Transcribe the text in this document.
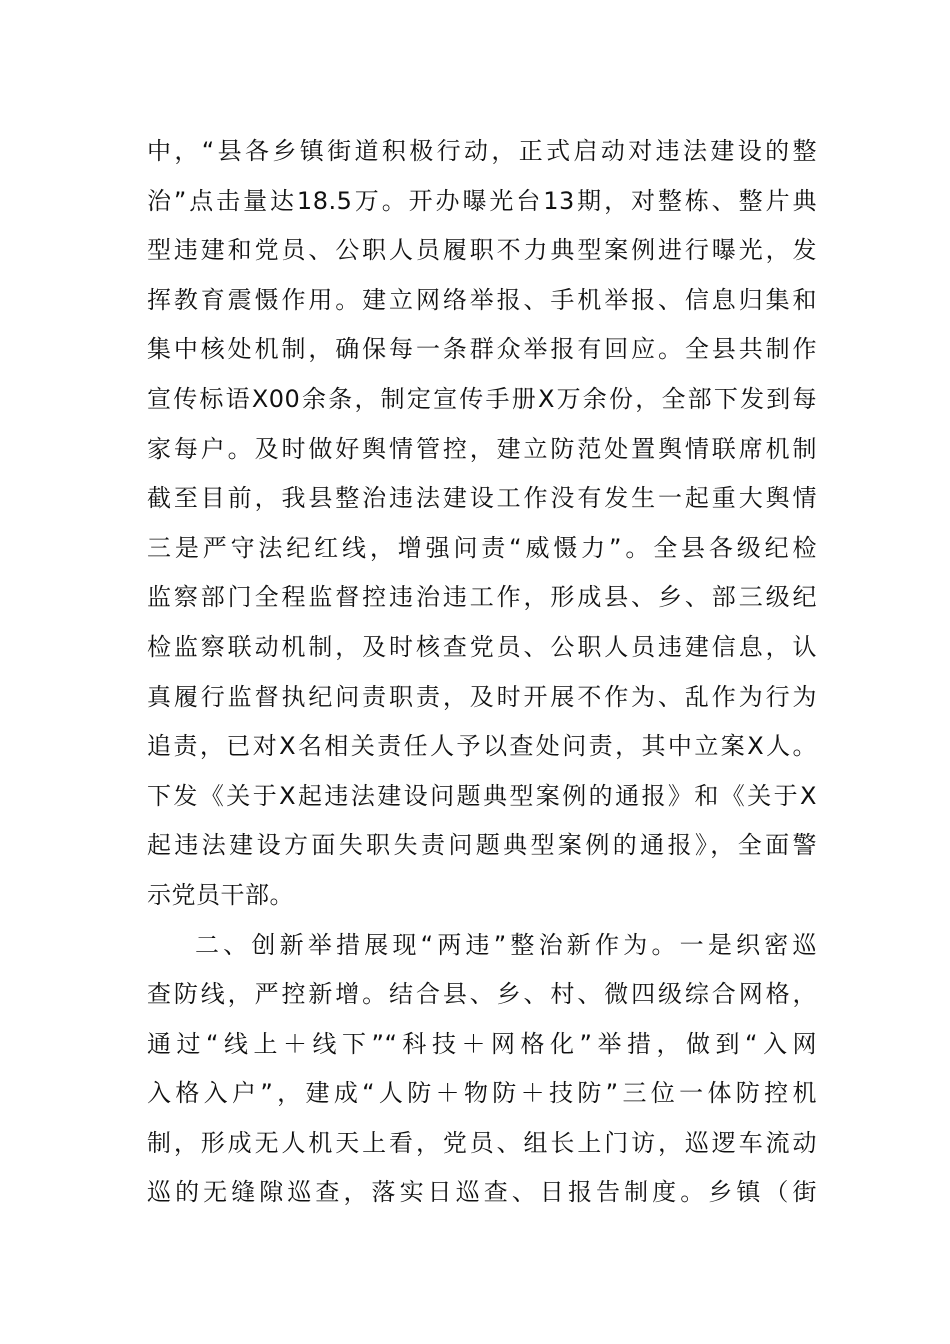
中，“县各乡镇街道积极行动，正式启动对违法建设的整
治”点击量达18.5万。开办曝光台13期，对整栋、整片典
型违建和党员、公职人员履职不力典型案例进行曝光，发
挥教育震慑作用。建立网络举报、手机举报、信息归集和
集中核处机制，确保每一条群众举报有回应。全县共制作
宣传标语X00余条，制定宣传手册X万余份，全部下发到每
家每户。及时做好舆情管控，建立防范处置舆情联席机制
截至目前，我县整治违法建设工作没有发生一起重大舆情
三是严守法纪红线，增强问责“威慑力”。全县各级纪检
监察部门全程监督控违治违工作，形成县、乡、部三级纪
检监察联动机制，及时核查党员、公职人员违建信息，认
真履行监督执纪问责职责，及时开展不作为、乱作为行为
追责，已对X名相关责任人予以查处问责，其中立案X人。
下发《关于X起违法建设问题典型案例的通报》和《关于X
起违法建设方面失职失责问题典型案例的通报》，全面警
示党员干部。
二、创新举措展现“两违”整治新作为。一是织密巡
查防线，严控新增。结合县、乡、村、微四级综合网格，
通过“线上＋线下”“科技＋网格化”举措，做到“入网
入格入户”，建成“人防＋物防＋技防”三位一体防控机
制，形成无人机天上看，党员、组长上门访，巡逻车流动
巡的无缝隙巡查，落实日巡查、日报告制度。乡镇（街
